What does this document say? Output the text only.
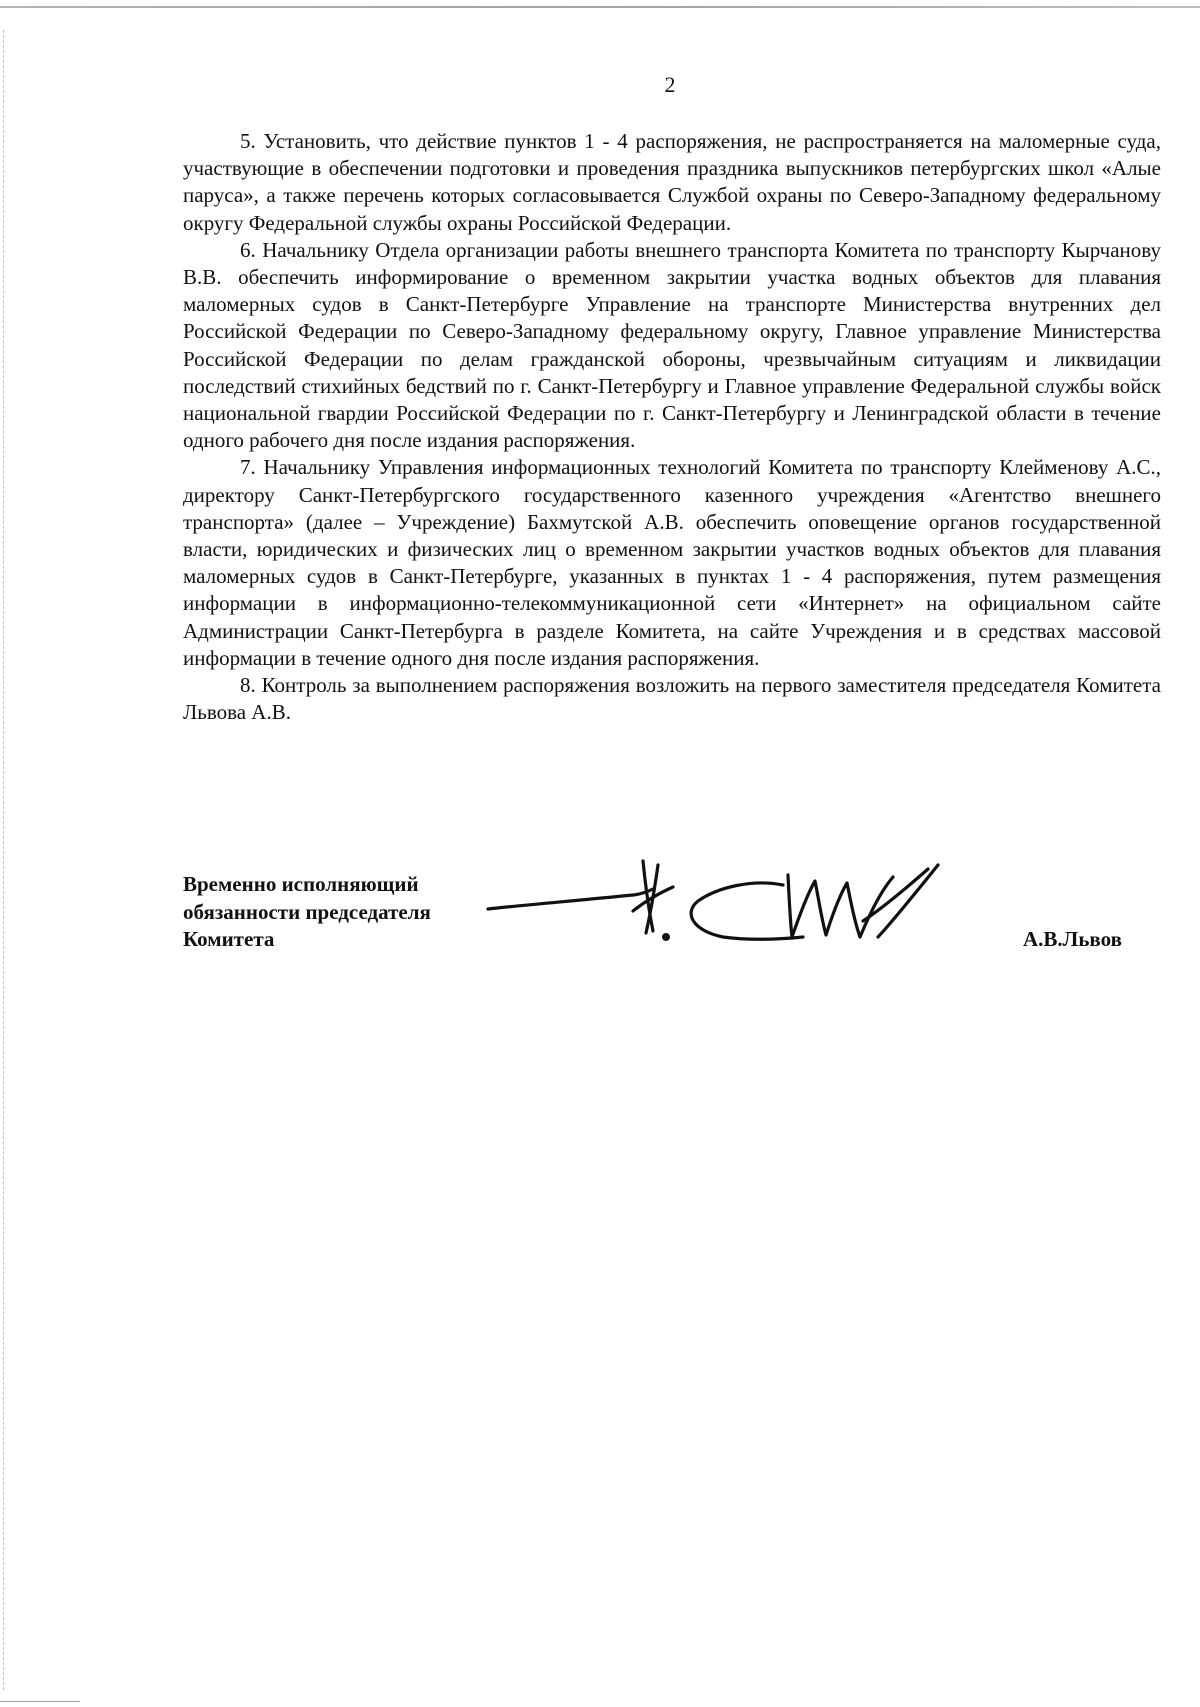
2

5. Установить, что действие пунктов 1 - 4 распоряжения, не распространяется на маломерные суда, участвующие в обеспечении подготовки и проведения праздника выпускников петербургских школ «Алые паруса», а также перечень которых согласовывается Службой охраны по Северо-Западному федеральному округу Федеральной службы охраны Российской Федерации.

6. Начальнику Отдела организации работы внешнего транспорта Комитета по транспорту Кырчанову В.В. обеспечить информирование о временном закрытии участка водных объектов для плавания маломерных судов в Санкт-Петербурге Управление на транспорте Министерства внутренних дел Российской Федерации по Северо-Западному федеральному округу, Главное управление Министерства Российской Федерации по делам гражданской обороны, чрезвычайным ситуациям и ликвидации последствий стихийных бедствий по г. Санкт-Петербургу и Главное управление Федеральной службы войск национальной гвардии Российской Федерации по г. Санкт-Петербургу и Ленинградской области в течение одного рабочего дня после издания распоряжения.

7. Начальнику Управления информационных технологий Комитета по транспорту Клейменову А.С., директору Санкт-Петербургского государственного казенного учреждения «Агентство внешнего транспорта» (далее – Учреждение) Бахмутской А.В. обеспечить оповещение органов государственной власти, юридических и физических лиц о временном закрытии участков водных объектов для плавания маломерных судов в Санкт-Петербурге, указанных в пунктах 1 - 4 распоряжения, путем размещения информации в информационно-телекоммуникационной сети «Интернет» на официальном сайте Администрации Санкт-Петербурга в разделе Комитета, на сайте Учреждения и в средствах массовой информации в течение одного дня после издания распоряжения.

8. Контроль за выполнением распоряжения возложить на первого заместителя председателя Комитета Львова А.В.

Временно исполняющий
обязанности председателя
Комитета	А.В.Львов
